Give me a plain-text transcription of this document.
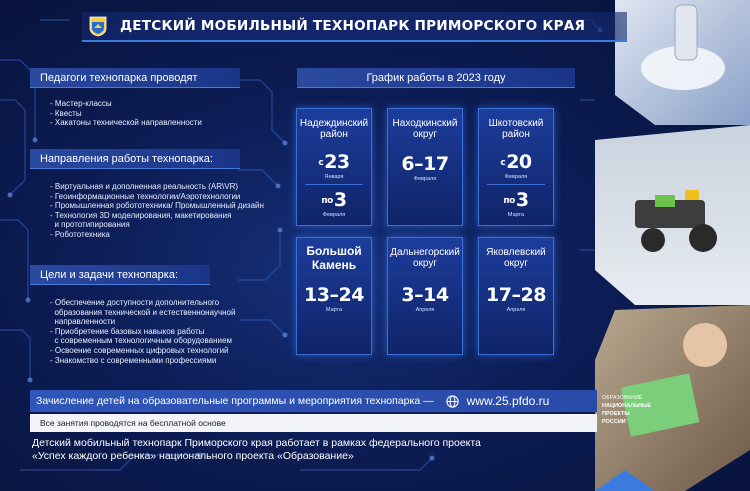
ДЕТСКИЙ МОБИЛЬНЫЙ ТЕХНОПАРК ПРИМОРСКОГО КРАЯ
Педагоги технопарка проводят
- Мастер-классы
- Квесты
- Хакатоны технической направленности
Направления работы технопарка:
- Виртуальная и дополненная реальность (AR\VR)
- Геоинформационные технологии/Аэротехнологии
- Промышленная робототехника/ Промышленный дизайн
- Технология 3D моделирования, макетирования
и прототипирования
- Робототехника
Цели и задачи технопарка:
- Обеспечение доступности дополнительного
образования технической и естественнонаучной
направленности
- Приобретение базовых навыков работы
с современным технологичным оборудованием
- Освоение современных цифровых технологий
- Знакомство с современными профессиями
График работы в 2023 году
Надеждинский район
с23
Января
по3
Февраля
Находкинский округ
6–17
Февраля
Шкотовский район
с20
Февраля
по3
Марта
Большой Камень
13–24
Марта
Дальнегорский округ
3–14
Апреля
Яковлевский округ
17–28
Апреля
Зачисление детей на образовательные программы и мероприятия технопарка —	www.25.pfdo.ru
Все занятия проводятся на бесплатной основе
Детский мобильный технопарк Приморского края работает в рамках федерального проекта
«Успех каждого ребенка» национального проекта «Образование»
ОБРАЗОВАНИЕ
НАЦИОНАЛЬНЫЕ
ПРОЕКТЫ
РОССИИ
